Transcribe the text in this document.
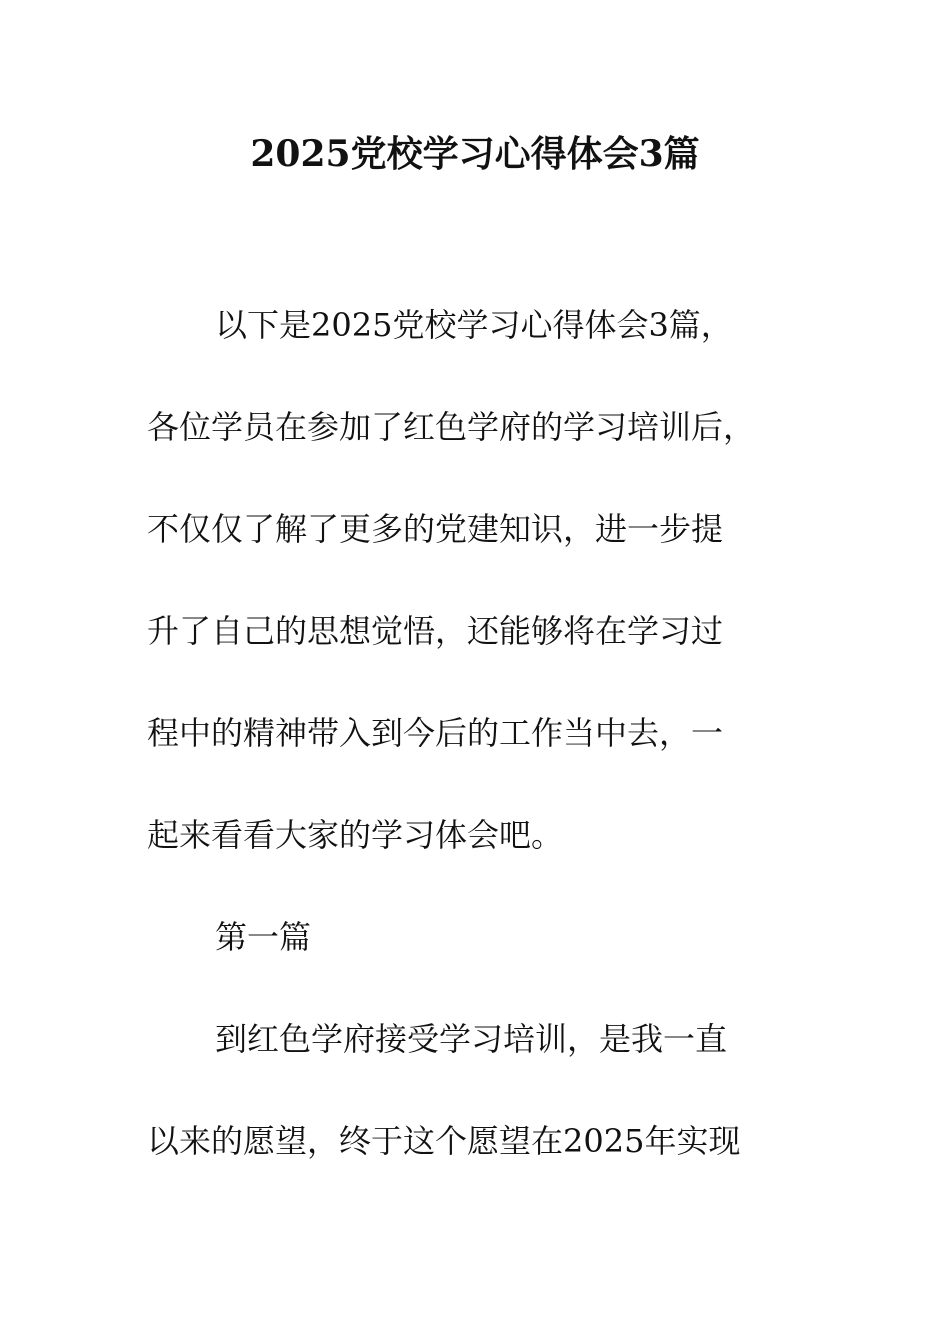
2025党校学习心得体会3篇
以下是2025党校学习心得体会3篇，
各位学员在参加了红色学府的学习培训后，
不仅仅了解了更多的党建知识，进一步提
升了自己的思想觉悟，还能够将在学习过
程中的精神带入到今后的工作当中去，一
起来看看大家的学习体会吧。
第一篇
到红色学府接受学习培训，是我一直
以来的愿望，终于这个愿望在2025年实现
